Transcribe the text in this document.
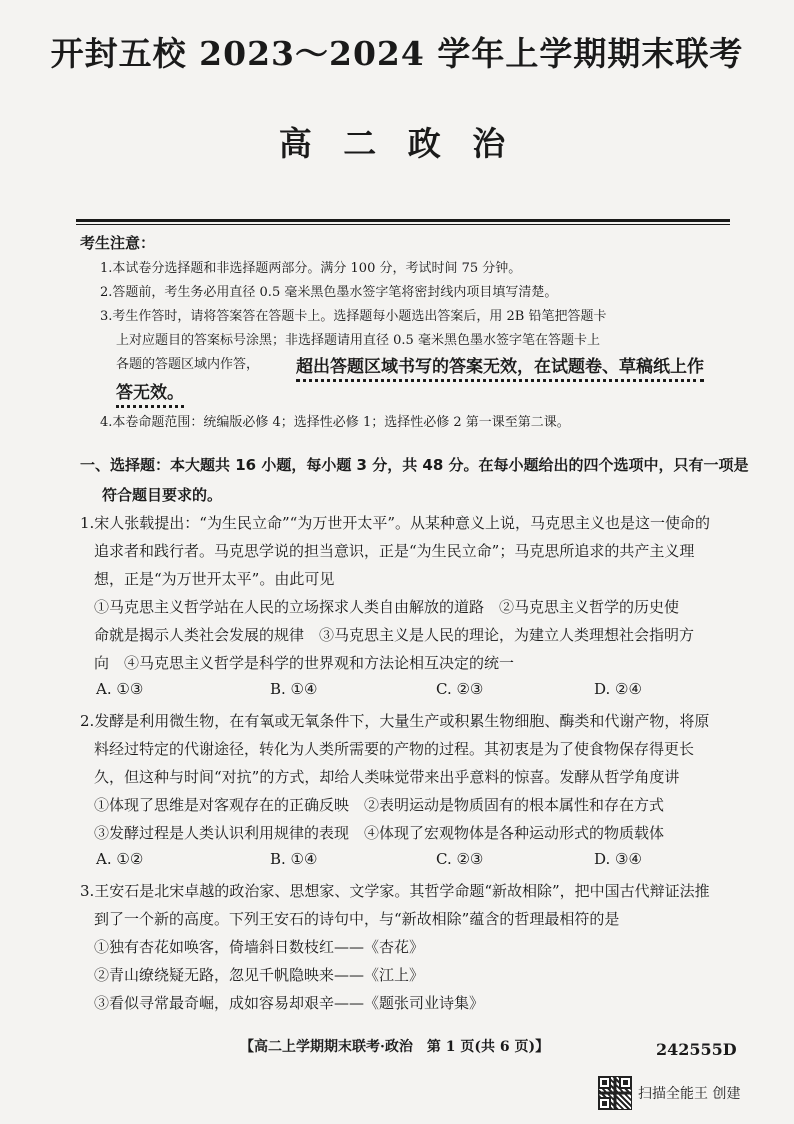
开封五校 2023～2024 学年上学期期末联考
高 二 政 治
考生注意：
1.本试卷分选择题和非选择题两部分。满分 100 分，考试时间 75 分钟。
2.答题前，考生务必用直径 0.5 毫米黑色墨水签字笔将密封线内项目填写清楚。
3.考生作答时，请将答案答在答题卡上。选择题每小题选出答案后，用 2B 铅笔把答题卡
上对应题目的答案标号涂黑；非选择题请用直径 0.5 毫米黑色墨水签字笔在答题卡上
各题的答题区域内作答， 超出答题区域书写的答案无效，在试题卷、草稿纸上作
答无效。
4.本卷命题范围：统编版必修 4；选择性必修 1；选择性必修 2 第一课至第二课。
一、选择题：本大题共 16 小题，每小题 3 分，共 48 分。在每小题给出的四个选项中，只有一项是
符合题目要求的。
1.宋人张载提出：“为生民立命”“为万世开太平”。从某种意义上说，马克思主义也是这一使命的
追求者和践行者。马克思学说的担当意识，正是“为生民立命”；马克思所追求的共产主义理
想，正是“为万世开太平”。由此可见
①马克思主义哲学站在人民的立场探求人类自由解放的道路　②马克思主义哲学的历史使
命就是揭示人类社会发展的规律　③马克思主义是人民的理论，为建立人类理想社会指明方
向　④马克思主义哲学是科学的世界观和方法论相互决定的统一
A. ①③	B. ①④	C. ②③	D. ②④
2.发酵是利用微生物，在有氧或无氧条件下，大量生产或积累生物细胞、酶类和代谢产物，将原
料经过特定的代谢途径，转化为人类所需要的产物的过程。其初衷是为了使食物保存得更长
久，但这种与时间“对抗”的方式，却给人类味觉带来出乎意料的惊喜。发酵从哲学角度讲
①体现了思维是对客观存在的正确反映　②表明运动是物质固有的根本属性和存在方式
③发酵过程是人类认识利用规律的表现　④体现了宏观物体是各种运动形式的物质载体
A. ①②	B. ①④	C. ②③	D. ③④
3.王安石是北宋卓越的政治家、思想家、文学家。其哲学命题“新故相除”，把中国古代辩证法推
到了一个新的高度。下列王安石的诗句中，与“新故相除”蕴含的哲理最相符的是
①独有杏花如唤客，倚墙斜日数枝红——《杏花》
②青山缭绕疑无路，忽见千帆隐映来——《江上》
③看似寻常最奇崛，成如容易却艰辛——《题张司业诗集》
【高二上学期期末联考·政治　第 1 页(共 6 页)】	242555D
扫描全能王 创建
